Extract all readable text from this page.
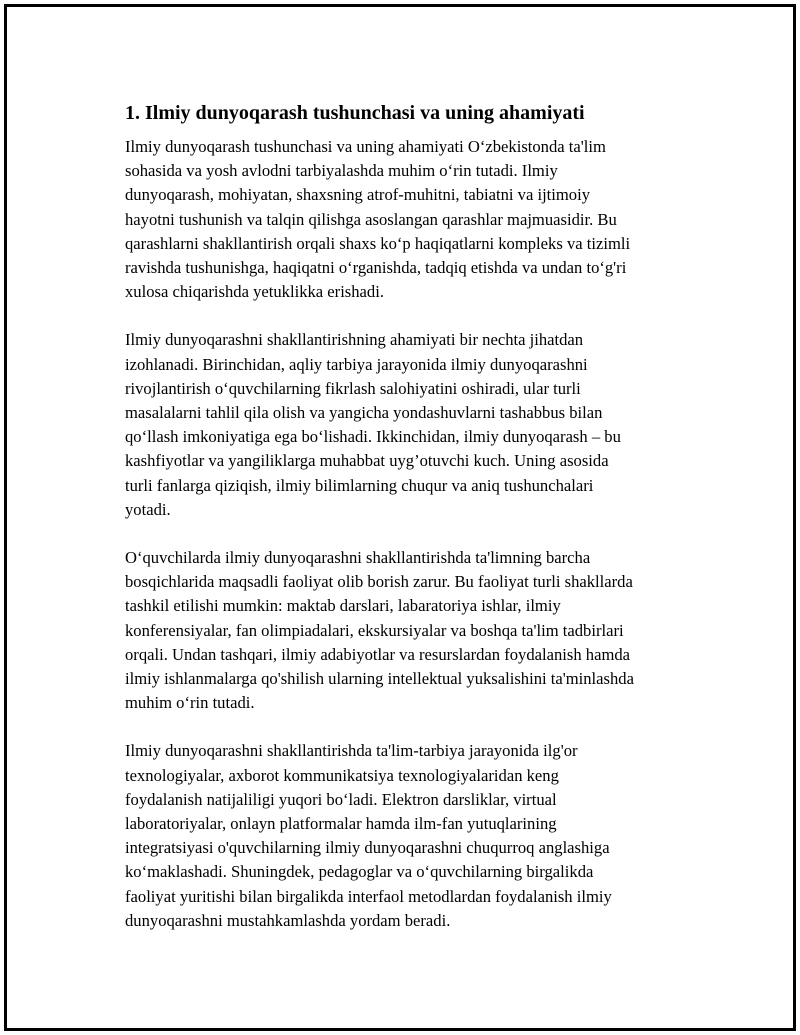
1. Ilmiy dunyoqarash tushunchasi va uning ahamiyati

Ilmiy dunyoqarash tushunchasi va uning ahamiyati O‘zbekistonda ta'lim
sohasida va yosh avlodni tarbiyalashda muhim o‘rin tutadi. Ilmiy
dunyoqarash, mohiyatan, shaxsning atrof-muhitni, tabiatni va ijtimoiy
hayotni tushunish va talqin qilishga asoslangan qarashlar majmuasidir. Bu
qarashlarni shakllantirish orqali shaxs ko‘p haqiqatlarni kompleks va tizimli
ravishda tushunishga, haqiqatni o‘rganishda, tadqiq etishda va undan to‘g'ri
xulosa chiqarishda yetuklikka erishadi.

Ilmiy dunyoqarashni shakllantirishning ahamiyati bir nechta jihatdan
izohlanadi. Birinchidan, aqliy tarbiya jarayonida ilmiy dunyoqarashni
rivojlantirish o‘quvchilarning fikrlash salohiyatini oshiradi, ular turli
masalalarni tahlil qila olish va yangicha yondashuvlarni tashabbus bilan
qo‘llash imkoniyatiga ega bo‘lishadi. Ikkinchidan, ilmiy dunyoqarash – bu
kashfiyotlar va yangiliklarga muhabbat uyg’otuvchi kuch. Uning asosida
turli fanlarga qiziqish, ilmiy bilimlarning chuqur va aniq tushunchalari
yotadi.

O‘quvchilarda ilmiy dunyoqarashni shakllantirishda ta'limning barcha
bosqichlarida maqsadli faoliyat olib borish zarur. Bu faoliyat turli shakllarda
tashkil etilishi mumkin: maktab darslari, labaratoriya ishlar, ilmiy
konferensiyalar, fan olimpiadalari, ekskursiyalar va boshqa ta'lim tadbirlari
orqali. Undan tashqari, ilmiy adabiyotlar va resurslardan foydalanish hamda
ilmiy ishlanmalarga qo'shilish ularning intellektual yuksalishini ta'minlashda
muhim o‘rin tutadi.

Ilmiy dunyoqarashni shakllantirishda ta'lim-tarbiya jarayonida ilg'or
texnologiyalar, axborot kommunikatsiya texnologiyalaridan keng
foydalanish natijaliligi yuqori bo‘ladi. Elektron darsliklar, virtual
laboratoriyalar, onlayn platformalar hamda ilm-fan yutuqlarining
integratsiyasi o'quvchilarning ilmiy dunyoqarashni chuqurroq anglashiga
ko‘maklashadi. Shuningdek, pedagoglar va o‘quvchilarning birgalikda
faoliyat yuritishi bilan birgalikda interfaol metodlardan foydalanish ilmiy
dunyoqarashni mustahkamlashda yordam beradi.
